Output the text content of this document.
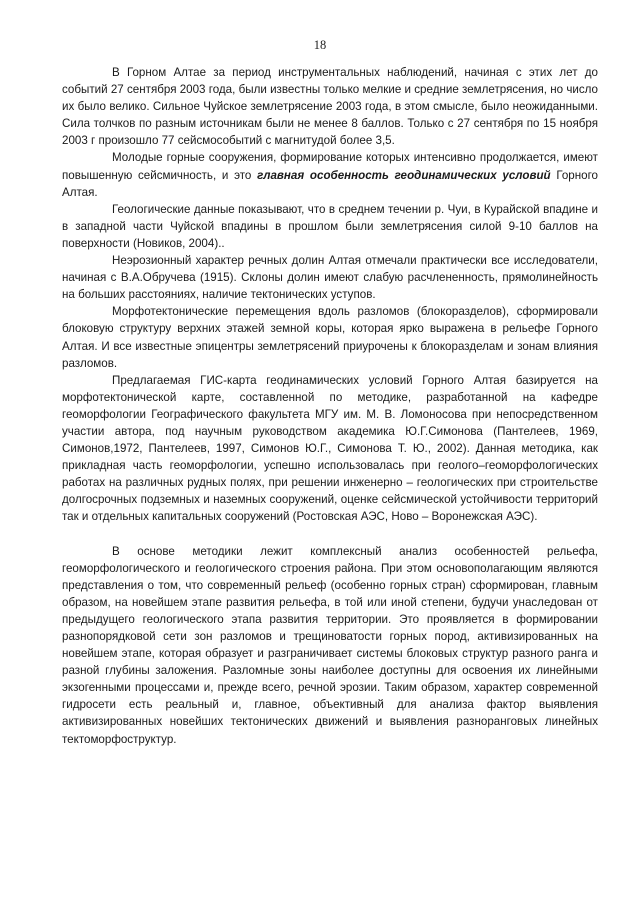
18

В Горном Алтае за период инструментальных наблюдений, начиная с этих лет до событий 27 сентября 2003 года, были известны только мелкие и средние землетрясения, но число их было велико. Сильное Чуйское землетрясение 2003 года, в этом смысле, было неожиданными. Сила толчков по разным источникам были не менее 8 баллов. Только с 27 сентября по 15 ноября 2003 г произошло 77 сейсмособытий с магнитудой более 3,5.

Молодые горные сооружения, формирование которых интенсивно продолжается, имеют повышенную сейсмичность, и это главная особенность геодинамических условий Горного Алтая.

Геологические данные показывают, что в среднем течении р. Чуи, в Курайской впадине и в западной части Чуйской впадины в прошлом были землетрясения силой 9-10 баллов на поверхности (Новиков, 2004)..

Неэрозионный характер речных долин Алтая отмечали практически все исследователи, начиная с В.А.Обручева (1915). Склоны долин имеют слабую расчлененность, прямолинейность на больших расстояниях, наличие тектонических уступов.

Морфотектонические перемещения вдоль разломов (блокоразделов), сформировали блоковую структуру верхних этажей земной коры, которая ярко выражена в рельефе Горного Алтая. И все известные эпицентры землетрясений приурочены к блокоразделам и зонам влияния разломов.

Предлагаемая ГИС-карта геодинамических условий Горного Алтая базируется на морфотектонической карте, составленной по методике, разработанной на кафедре геоморфологии Географического факультета МГУ им. М. В. Ломоносова при непосредственном участии автора, под научным руководством академика Ю.Г.Симонова (Пантелеев, 1969, Симонов,1972, Пантелеев, 1997, Симонов Ю.Г., Симонова Т. Ю., 2002). Данная методика, как прикладная часть геоморфологии, успешно использовалась при геолого–геоморфологических работах на различных рудных полях, при решении инженерно – геологических при строительстве долгосрочных подземных и наземных сооружений, оценке сейсмической устойчивости территорий так и отдельных капитальных сооружений (Ростовская АЭС, Ново – Воронежская АЭС).

В основе методики лежит комплексный анализ особенностей рельефа, геоморфологического и геологического строения района. При этом основополагающим являются представления о том, что современный рельеф (особенно горных стран) сформирован, главным образом, на новейшем этапе развития рельефа, в той или иной степени, будучи унаследован от предыдущего геологического этапа развития территории. Это проявляется в формировании разнопорядковой сети зон разломов и трещиноватости горных пород, активизированных на новейшем этапе, которая образует и разграничивает системы блоковых структур разного ранга и разной глубины заложения. Разломные зоны наиболее доступны для освоения их линейными экзогенными процессами и, прежде всего, речной эрозии. Таким образом, характер современной гидросети есть реальный и, главное, объективный для анализа фактор выявления активизированных новейших тектонических движений и выявления разноранговых линейных тектоморфоструктур.
